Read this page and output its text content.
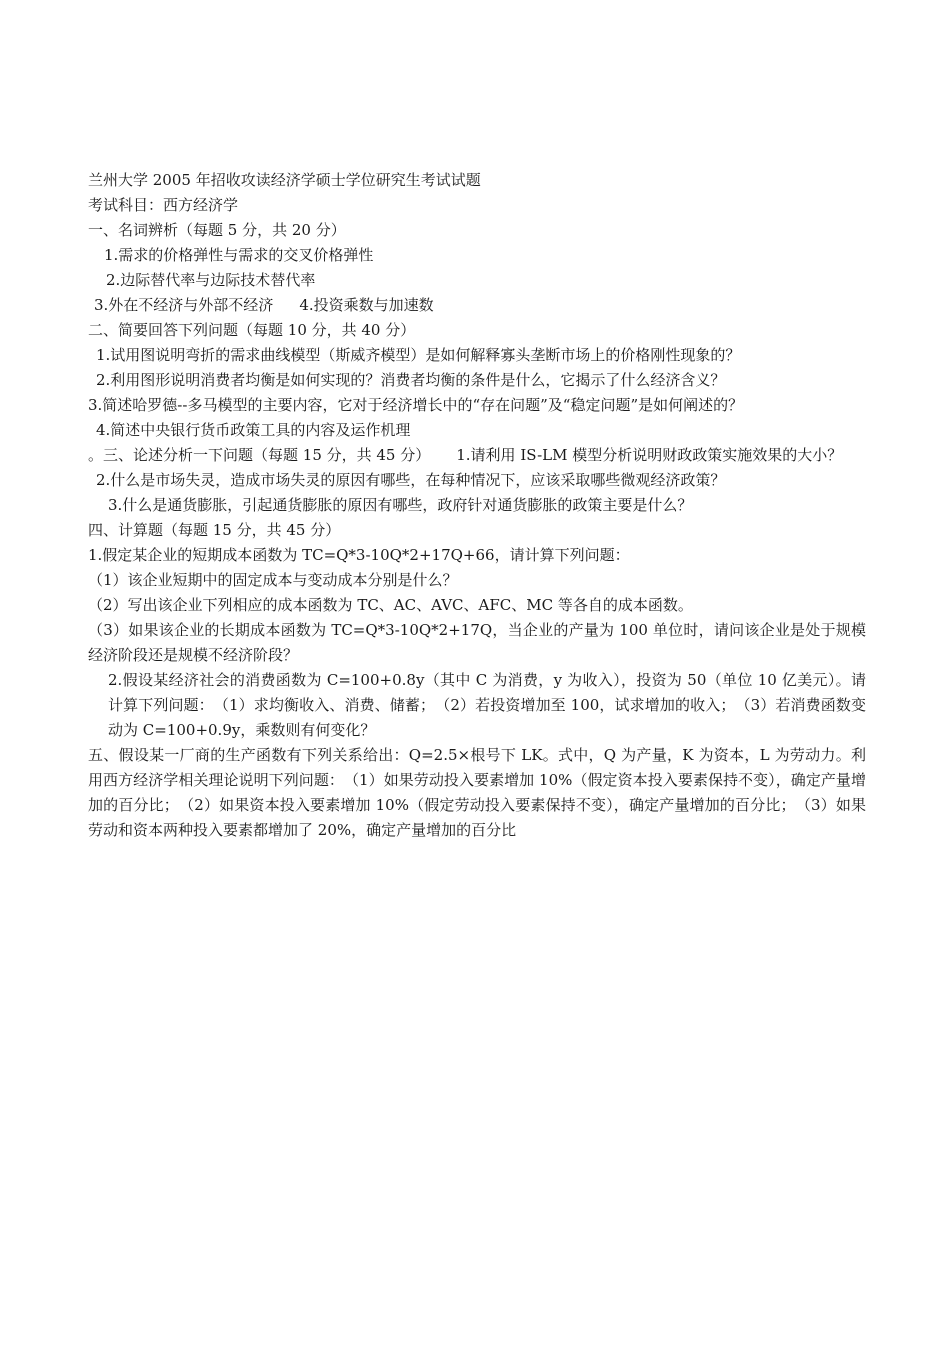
兰州大学 2005 年招收攻读经济学硕士学位研究生考试试题
考试科目：西方经济学
一、名词辨析（每题 5 分，共 20 分）
1.需求的价格弹性与需求的交叉价格弹性
2.边际替代率与边际技术替代率
3.外在不经济与外部不经济 4.投资乘数与加速数
二、简要回答下列问题（每题 10 分，共 40 分）
1.试用图说明弯折的需求曲线模型（斯威齐模型）是如何解释寡头垄断市场上的价格刚性现象的？
2.利用图形说明消费者均衡是如何实现的？消费者均衡的条件是什么，它揭示了什么经济含义？
3.简述哈罗德--多马模型的主要内容，它对于经济增长中的“存在问题”及“稳定问题”是如何阐述的？
4.简述中央银行货币政策工具的内容及运作机理
。三、论述分析一下问题（每题 15 分，共 45 分） 1.请利用 IS-LM 模型分析说明财政政策实施效果的大小？
2.什么是市场失灵，造成市场失灵的原因有哪些，在每种情况下，应该采取哪些微观经济政策？
3.什么是通货膨胀，引起通货膨胀的原因有哪些，政府针对通货膨胀的政策主要是什么？
四、计算题（每题 15 分，共 45 分）
1.假定某企业的短期成本函数为 TC=Q*3-10Q*2+17Q+66，请计算下列问题：
（1）该企业短期中的固定成本与变动成本分别是什么？
（2）写出该企业下列相应的成本函数为 TC、AC、AVC、AFC、MC 等各自的成本函数。
（3）如果该企业的长期成本函数为 TC=Q*3-10Q*2+17Q，当企业的产量为 100 单位时，请问该企业是处于规模经济阶段还是规模不经济阶段？
2.假设某经济社会的消费函数为 C=100+0.8y（其中 C 为消费，y 为收入），投资为 50（单位 10 亿美元）。请计算下列问题：　（1）求均衡收入、消费、储蓄；　（2）若投资增加至 100，试求增加的收入；　（3）若消费函数变动为 C=100+0.9y，乘数则有何变化？
五、假设某一厂商的生产函数有下列关系给出：Q=2.5×根号下 LK。式中，Q 为产量，K 为资本，L 为劳动力。利用西方经济学相关理论说明下列问题：　（1）如果劳动投入要素增加 10%（假定资本投入要素保持不变），确定产量增加的百分比；　（2）如果资本投入要素增加 10%（假定劳动投入要素保持不变），确定产量增加的百分比；　（3）如果劳动和资本两种投入要素都增加了 20%，确定产量增加的百分比
